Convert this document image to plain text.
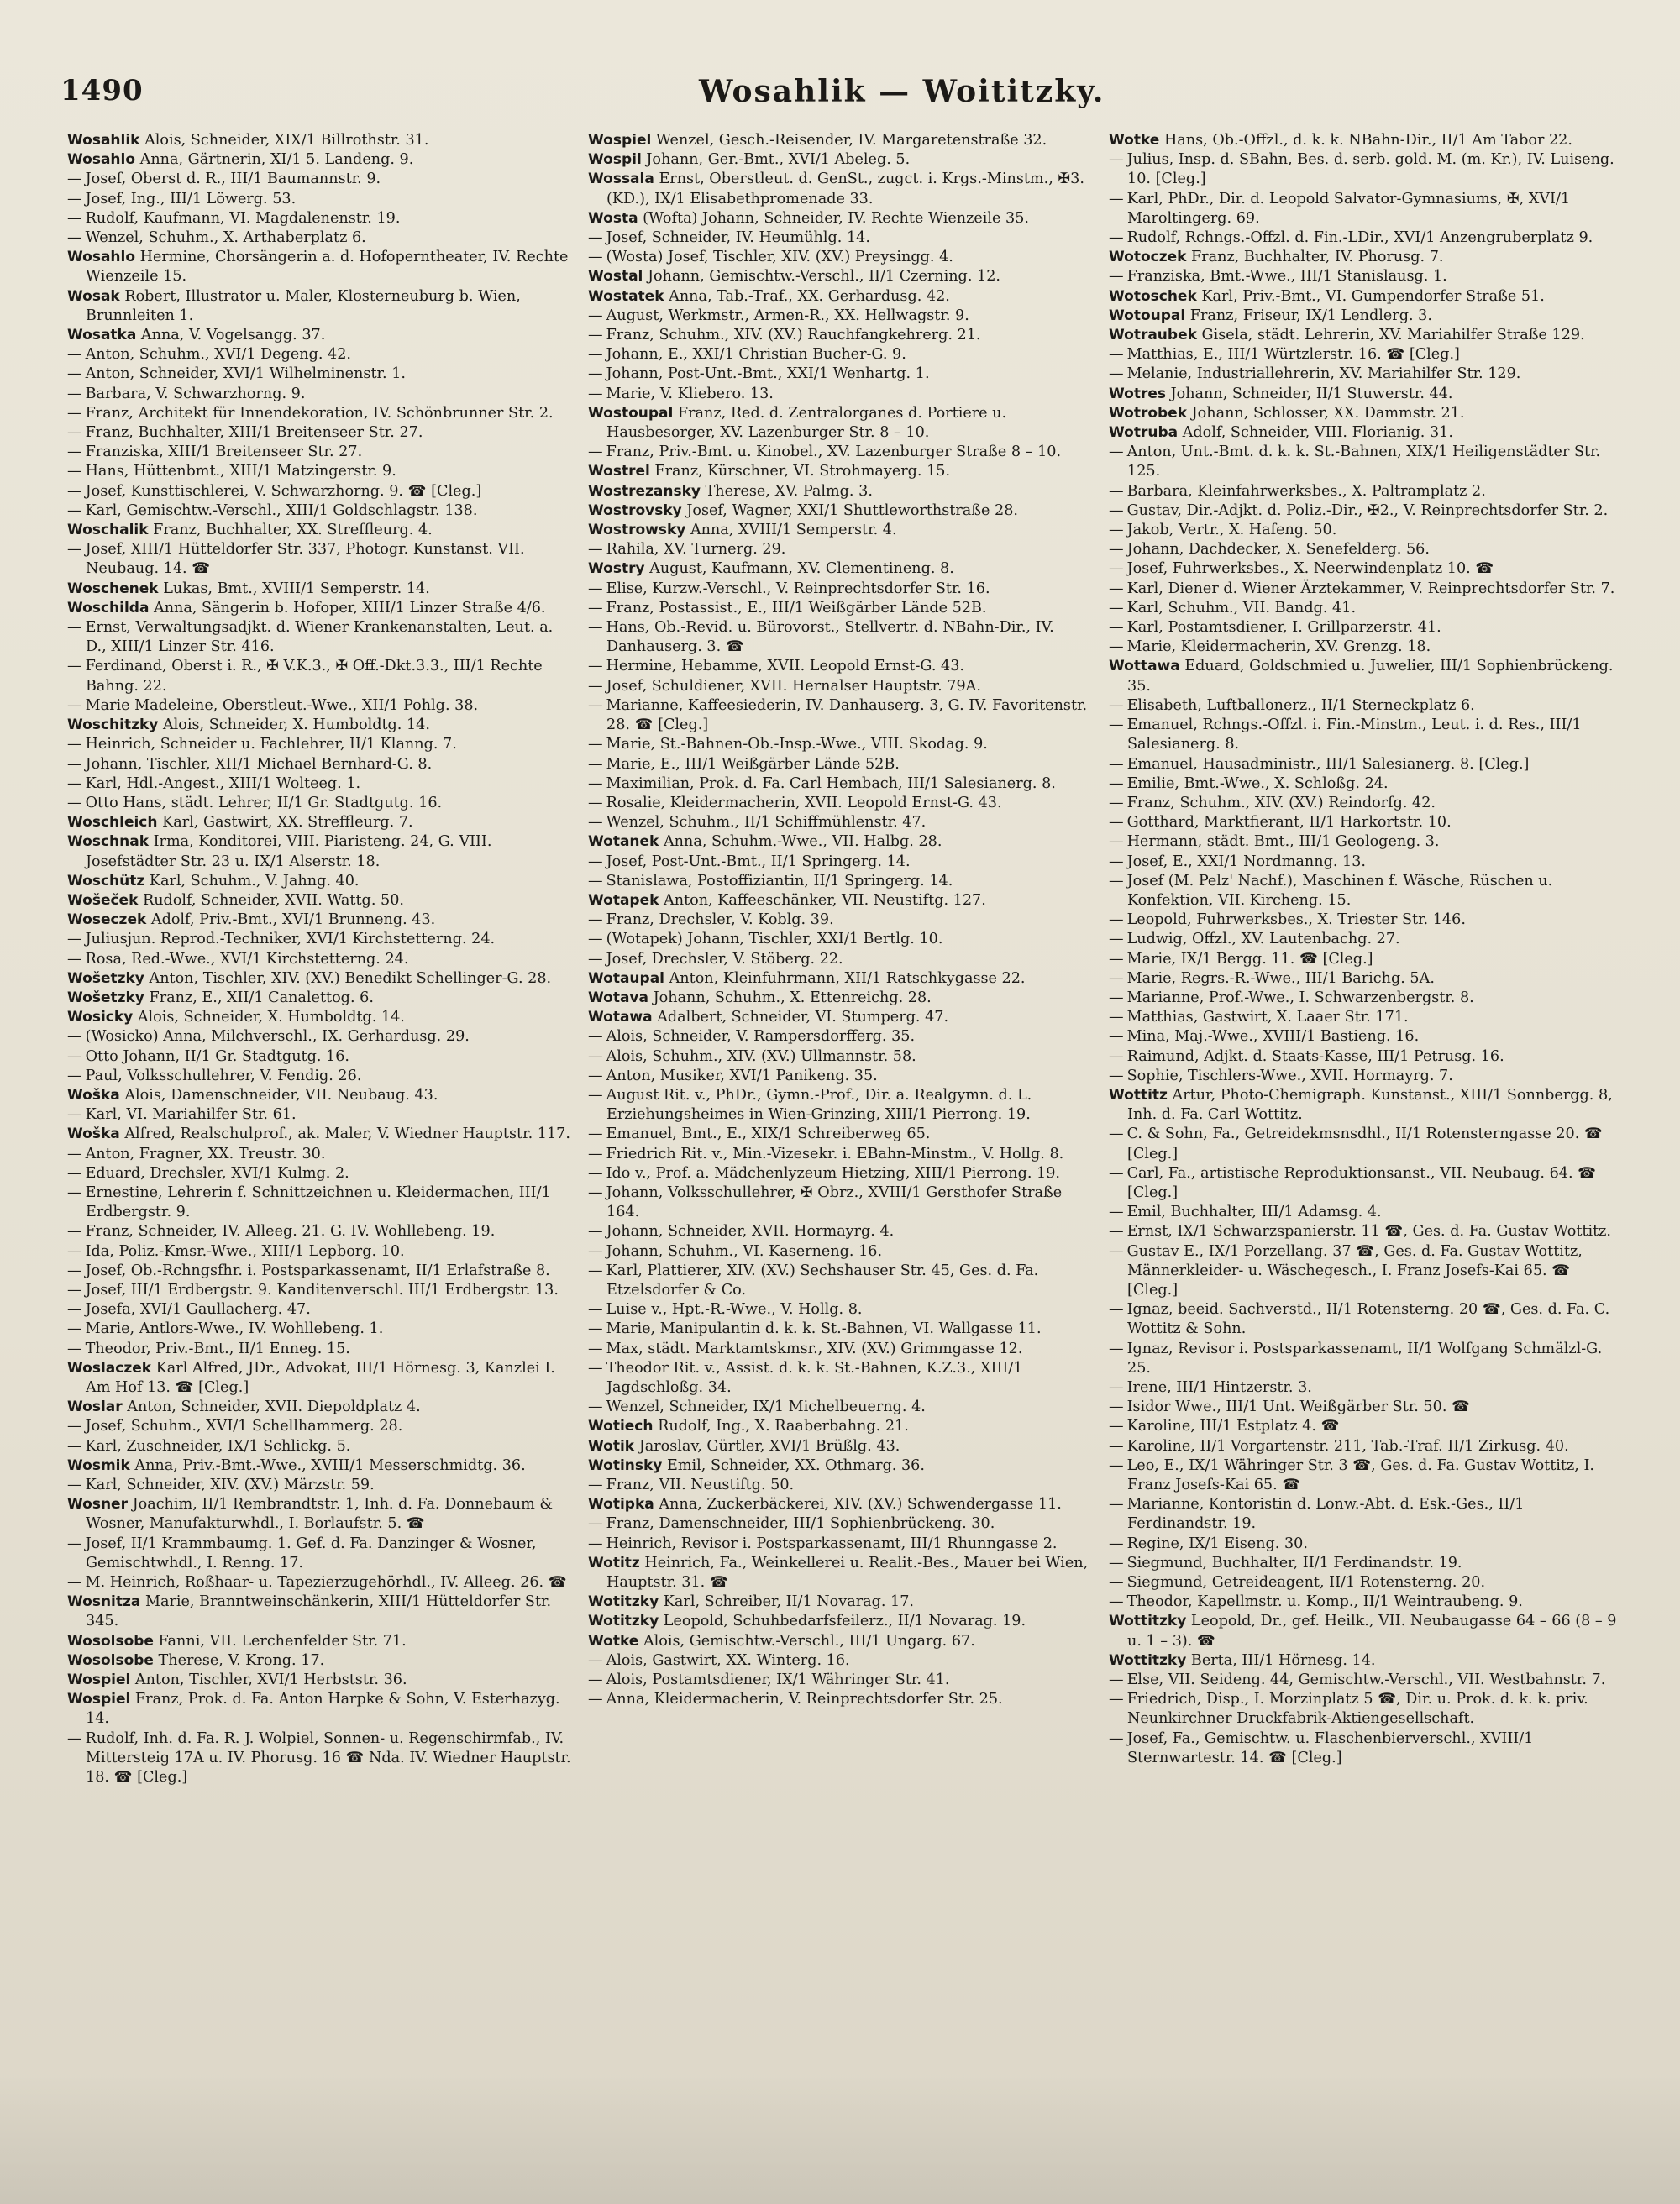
1490	Wosahlik — Woititzky.

Wosahlik Alois, Schneider, XIX/1 Billrothstr. 31.

Wosahlo Anna, Gärtnerin, XI/1 5. Landeng. 9.

— Josef, Oberst d. R., III/1 Baumannstr. 9.

— Josef, Ing., III/1 Löwerg. 53.

— Rudolf, Kaufmann, VI. Magdalenenstr. 19.

— Wenzel, Schuhm., X. Arthaberplatz 6.

Wosahlo Hermine, Chorsängerin a. d. Hofoperntheater, IV. Rechte Wienzeile 15.

Wosak Robert, Illustrator u. Maler, Klosterneuburg b. Wien, Brunnleiten 1.

Wosatka Anna, V. Vogelsangg. 37.

— Anton, Schuhm., XVI/1 Degeng. 42.

— Anton, Schneider, XVI/1 Wilhelminenstr. 1.

— Barbara, V. Schwarzhorng. 9.

— Franz, Architekt für Innendekoration, IV. Schönbrunner Str. 2.

— Franz, Buchhalter, XIII/1 Breitenseer Str. 27.

— Franziska, XIII/1 Breitenseer Str. 27.

— Hans, Hüttenbmt., XIII/1 Matzingerstr. 9.

— Josef, Kunsttischlerei, V. Schwarzhorng. 9. ☎ [Cleg.]

— Karl, Gemischtw.-Verschl., XIII/1 Goldschlagstr. 138.

Woschalik Franz, Buchhalter, XX. Streffleurg. 4.

— Josef, XIII/1 Hütteldorfer Str. 337, Photogr. Kunstanst. VII. Neubaug. 14. ☎

Woschenek Lukas, Bmt., XVIII/1 Semperstr. 14.

Woschilda Anna, Sängerin b. Hofoper, XIII/1 Linzer Straße 4/6.

— Ernst, Verwaltungsadjkt. d. Wiener Krankenanstalten, Leut. a. D., XIII/1 Linzer Str. 416.

— Ferdinand, Oberst i. R., ✠ V.K.3., ✠ Off.-Dkt.3.3., III/1 Rechte Bahng. 22.

— Marie Madeleine, Oberstleut.-Wwe., XII/1 Pohlg. 38.

Woschitzky Alois, Schneider, X. Humboldtg. 14.

— Heinrich, Schneider u. Fachlehrer, II/1 Klanng. 7.

— Johann, Tischler, XII/1 Michael Bernhard-G. 8.

— Karl, Hdl.-Angest., XIII/1 Wolteeg. 1.

— Otto Hans, städt. Lehrer, II/1 Gr. Stadtgutg. 16.

Woschleich Karl, Gastwirt, XX. Streffleurg. 7.

Woschnak Irma, Konditorei, VIII. Piaristeng. 24, G. VIII. Josefstädter Str. 23 u. IX/1 Alserstr. 18.

Woschütz Karl, Schuhm., V. Jahng. 40.

Wošeček Rudolf, Schneider, XVII. Wattg. 50.

Woseczek Adolf, Priv.-Bmt., XVI/1 Brunneng. 43.

— Juliusjun. Reprod.-Techniker, XVI/1 Kirchstetterng. 24.

— Rosa, Red.-Wwe., XVI/1 Kirchstetterng. 24.

Wošetzky Anton, Tischler, XIV. (XV.) Benedikt Schellinger-G. 28.

Wošetzky Franz, E., XII/1 Canalettog. 6.

Wosicky Alois, Schneider, X. Humboldtg. 14.

— (Wosicko) Anna, Milchverschl., IX. Gerhardusg. 29.

— Otto Johann, II/1 Gr. Stadtgutg. 16.

— Paul, Volksschullehrer, V. Fendig. 26.

Woška Alois, Damenschneider, VII. Neubaug. 43.

— Karl, VI. Mariahilfer Str. 61.

Woška Alfred, Realschulprof., ak. Maler, V. Wiedner Hauptstr. 117.

— Anton, Fragner, XX. Treustr. 30.

— Eduard, Drechsler, XVI/1 Kulmg. 2.

— Ernestine, Lehrerin f. Schnittzeichnen u. Kleidermachen, III/1 Erdbergstr. 9.

— Franz, Schneider, IV. Alleeg. 21. G. IV. Wohllebeng. 19.

— Ida, Poliz.-Kmsr.-Wwe., XIII/1 Lepborg. 10.

— Josef, Ob.-Rchngsfhr. i. Postsparkassenamt, II/1 Erlafstraße 8.

— Josef, III/1 Erdbergstr. 9. Kanditenverschl. III/1 Erdbergstr. 13.

— Josefa, XVI/1 Gaullacherg. 47.

— Marie, Antlors-Wwe., IV. Wohllebeng. 1.

— Theodor, Priv.-Bmt., II/1 Enneg. 15.

Woslaczek Karl Alfred, JDr., Advokat, III/1 Hörnesg. 3, Kanzlei I. Am Hof 13. ☎ [Cleg.]

Woslar Anton, Schneider, XVII. Diepoldplatz 4.

— Josef, Schuhm., XVI/1 Schellhammerg. 28.

— Karl, Zuschneider, IX/1 Schlickg. 5.

Wosmik Anna, Priv.-Bmt.-Wwe., XVIII/1 Messerschmidtg. 36.

— Karl, Schneider, XIV. (XV.) Märzstr. 59.

Wosner Joachim, II/1 Rembrandtstr. 1, Inh. d. Fa. Donnebaum & Wosner, Manufakturwhdl., I. Borlaufstr. 5. ☎

— Josef, II/1 Krammbaumg. 1. Gef. d. Fa. Danzinger & Wosner, Gemischtwhdl., I. Renng. 17.

— M. Heinrich, Roßhaar- u. Tapezierzugehörhdl., IV. Alleeg. 26. ☎

Wosnitza Marie, Branntweinschänkerin, XIII/1 Hütteldorfer Str. 345.

Wosolsobe Fanni, VII. Lerchenfelder Str. 71.

Wosolsobe Therese, V. Krong. 17.

Wospiel Anton, Tischler, XVI/1 Herbststr. 36.

Wospiel Franz, Prok. d. Fa. Anton Harpke & Sohn, V. Esterhazyg. 14.

— Rudolf, Inh. d. Fa. R. J. Wolpiel, Sonnen- u. Regenschirmfab., IV. Mittersteig 17A u. IV. Phorusg. 16 ☎ Nda. IV. Wiedner Hauptstr. 18. ☎ [Cleg.]

Wospiel Wenzel, Gesch.-Reisender, IV. Margaretenstraße 32.

Wospil Johann, Ger.-Bmt., XVI/1 Abeleg. 5.

Wossala Ernst, Oberstleut. d. GenSt., zugct. i. Krgs.-Minstm., ✠3. (KD.), IX/1 Elisabethpromenade 33.

Wosta (Wofta) Johann, Schneider, IV. Rechte Wienzeile 35.

— Josef, Schneider, IV. Heumühlg. 14.

— (Wosta) Josef, Tischler, XIV. (XV.) Preysingg. 4.

Wostal Johann, Gemischtw.-Verschl., II/1 Czerning. 12.

Wostatek Anna, Tab.-Traf., XX. Gerhardusg. 42.

— August, Werkmstr., Armen-R., XX. Hellwagstr. 9.

— Franz, Schuhm., XIV. (XV.) Rauchfangkehrerg. 21.

— Johann, E., XXI/1 Christian Bucher-G. 9.

— Johann, Post-Unt.-Bmt., XXI/1 Wenhartg. 1.

— Marie, V. Kliebero. 13.

Wostoupal Franz, Red. d. Zentralorganes d. Portiere u. Hausbesorger, XV. Lazenburger Str. 8 – 10.

— Franz, Priv.-Bmt. u. Kinobel., XV. Lazenburger Straße 8 – 10.

Wostrel Franz, Kürschner, VI. Strohmayerg. 15.

Wostrezansky Therese, XV. Palmg. 3.

Wostrovsky Josef, Wagner, XXI/1 Shuttleworthstraße 28.

Wostrowsky Anna, XVIII/1 Semperstr. 4.

— Rahila, XV. Turnerg. 29.

Wostry August, Kaufmann, XV. Clementineng. 8.

— Elise, Kurzw.-Verschl., V. Reinprechtsdorfer Str. 16.

— Franz, Postassist., E., III/1 Weißgärber Lände 52B.

— Hans, Ob.-Revid. u. Bürovorst., Stellvertr. d. NBahn-Dir., IV. Danhauserg. 3. ☎

— Hermine, Hebamme, XVII. Leopold Ernst-G. 43.

— Josef, Schuldiener, XVII. Hernalser Hauptstr. 79A.

— Marianne, Kaffeesiederin, IV. Danhauserg. 3, G. IV. Favoritenstr. 28. ☎ [Cleg.]

— Marie, St.-Bahnen-Ob.-Insp.-Wwe., VIII. Skodag. 9.

— Marie, E., III/1 Weißgärber Lände 52B.

— Maximilian, Prok. d. Fa. Carl Hembach, III/1 Salesianerg. 8.

— Rosalie, Kleidermacherin, XVII. Leopold Ernst-G. 43.

— Wenzel, Schuhm., II/1 Schiffmühlenstr. 47.

Wotanek Anna, Schuhm.-Wwe., VII. Halbg. 28.

— Josef, Post-Unt.-Bmt., II/1 Springerg. 14.

— Stanislawa, Postoffiziantin, II/1 Springerg. 14.

Wotapek Anton, Kaffeeschänker, VII. Neustiftg. 127.

— Franz, Drechsler, V. Koblg. 39.

— (Wotapek) Johann, Tischler, XXI/1 Bertlg. 10.

— Josef, Drechsler, V. Stöberg. 22.

Wotaupal Anton, Kleinfuhrmann, XII/1 Ratschkygasse 22.

Wotava Johann, Schuhm., X. Ettenreichg. 28.

Wotawa Adalbert, Schneider, VI. Stumperg. 47.

— Alois, Schneider, V. Rampersdorfferg. 35.

— Alois, Schuhm., XIV. (XV.) Ullmannstr. 58.

— Anton, Musiker, XVI/1 Panikeng. 35.

— August Rit. v., PhDr., Gymn.-Prof., Dir. a. Realgymn. d. L. Erziehungsheimes in Wien-Grinzing, XIII/1 Pierrong. 19.

— Emanuel, Bmt., E., XIX/1 Schreiberweg 65.

— Friedrich Rit. v., Min.-Vizesekr. i. EBahn-Minstm., V. Hollg. 8.

— Ido v., Prof. a. Mädchenlyzeum Hietzing, XIII/1 Pierrong. 19.

— Johann, Volksschullehrer, ✠ Obrz., XVIII/1 Gersthofer Straße 164.

— Johann, Schneider, XVII. Hormayrg. 4.

— Johann, Schuhm., VI. Kaserneng. 16.

— Karl, Plattierer, XIV. (XV.) Sechshauser Str. 45, Ges. d. Fa. Etzelsdorfer & Co.

— Luise v., Hpt.-R.-Wwe., V. Hollg. 8.

— Marie, Manipulantin d. k. k. St.-Bahnen, VI. Wallgasse 11.

— Max, städt. Marktamtskmsr., XIV. (XV.) Grimmgasse 12.

— Theodor Rit. v., Assist. d. k. k. St.-Bahnen, K.Z.3., XIII/1 Jagdschloßg. 34.

— Wenzel, Schneider, IX/1 Michelbeuerng. 4.

Wotiech Rudolf, Ing., X. Raaberbahng. 21.

Wotik Jaroslav, Gürtler, XVI/1 Brüßlg. 43.

Wotinsky Emil, Schneider, XX. Othmarg. 36.

— Franz, VII. Neustiftg. 50.

Wotipka Anna, Zuckerbäckerei, XIV. (XV.) Schwendergasse 11.

— Franz, Damenschneider, III/1 Sophienbrückeng. 30.

— Heinrich, Revisor i. Postsparkassenamt, III/1 Rhunngasse 2.

Wotitz Heinrich, Fa., Weinkellerei u. Realit.-Bes., Mauer bei Wien, Hauptstr. 31. ☎

Wotitzky Karl, Schreiber, II/1 Novarag. 17.

Wotitzky Leopold, Schuhbedarfsfeilerz., II/1 Novarag. 19.

Wotke Alois, Gemischtw.-Verschl., III/1 Ungarg. 67.

— Alois, Gastwirt, XX. Winterg. 16.

— Alois, Postamtsdiener, IX/1 Währinger Str. 41.

— Anna, Kleidermacherin, V. Reinprechtsdorfer Str. 25.

Wotke Hans, Ob.-Offzl., d. k. k. NBahn-Dir., II/1 Am Tabor 22.

— Julius, Insp. d. SBahn, Bes. d. serb. gold. M. (m. Kr.), IV. Luiseng. 10. [Cleg.]

— Karl, PhDr., Dir. d. Leopold Salvator-Gymnasiums, ✠, XVI/1 Maroltingerg. 69.

— Rudolf, Rchngs.-Offzl. d. Fin.-LDir., XVI/1 Anzengruberplatz 9.

Wotoczek Franz, Buchhalter, IV. Phorusg. 7.

— Franziska, Bmt.-Wwe., III/1 Stanislausg. 1.

Wotoschek Karl, Priv.-Bmt., VI. Gumpendorfer Straße 51.

Wotoupal Franz, Friseur, IX/1 Lendlerg. 3.

Wotraubek Gisela, städt. Lehrerin, XV. Mariahilfer Straße 129.

— Matthias, E., III/1 Würtzlerstr. 16. ☎ [Cleg.]

— Melanie, Industriallehrerin, XV. Mariahilfer Str. 129.

Wotres Johann, Schneider, II/1 Stuwerstr. 44.

Wotrobek Johann, Schlosser, XX. Dammstr. 21.

Wotruba Adolf, Schneider, VIII. Florianig. 31.

— Anton, Unt.-Bmt. d. k. k. St.-Bahnen, XIX/1 Heiligenstädter Str. 125.

— Barbara, Kleinfahrwerksbes., X. Paltramplatz 2.

— Gustav, Dir.-Adjkt. d. Poliz.-Dir., ✠2., V. Reinprechtsdorfer Str. 2.

— Jakob, Vertr., X. Hafeng. 50.

— Johann, Dachdecker, X. Senefelderg. 56.

— Josef, Fuhrwerksbes., X. Neerwindenplatz 10. ☎

— Karl, Diener d. Wiener Ärztekammer, V. Reinprechtsdorfer Str. 7.

— Karl, Schuhm., VII. Bandg. 41.

— Karl, Postamtsdiener, I. Grillparzerstr. 41.

— Marie, Kleidermacherin, XV. Grenzg. 18.

Wottawa Eduard, Goldschmied u. Juwelier, III/1 Sophienbrückeng. 35.

— Elisabeth, Luftballonerz., II/1 Sterneckplatz 6.

— Emanuel, Rchngs.-Offzl. i. Fin.-Minstm., Leut. i. d. Res., III/1 Salesianerg. 8.

— Emanuel, Hausadministr., III/1 Salesianerg. 8. [Cleg.]

— Emilie, Bmt.-Wwe., X. Schloßg. 24.

— Franz, Schuhm., XIV. (XV.) Reindorfg. 42.

— Gotthard, Marktfierant, II/1 Harkortstr. 10.

— Hermann, städt. Bmt., III/1 Geologeng. 3.

— Josef, E., XXI/1 Nordmanng. 13.

— Josef (M. Pelz' Nachf.), Maschinen f. Wäsche, Rüschen u. Konfektion, VII. Kircheng. 15.

— Leopold, Fuhrwerksbes., X. Triester Str. 146.

— Ludwig, Offzl., XV. Lautenbachg. 27.

— Marie, IX/1 Bergg. 11. ☎ [Cleg.]

— Marie, Regrs.-R.-Wwe., III/1 Barichg. 5A.

— Marianne, Prof.-Wwe., I. Schwarzenbergstr. 8.

— Matthias, Gastwirt, X. Laaer Str. 171.

— Mina, Maj.-Wwe., XVIII/1 Bastieng. 16.

— Raimund, Adjkt. d. Staats-Kasse, III/1 Petrusg. 16.

— Sophie, Tischlers-Wwe., XVII. Hormayrg. 7.

Wottitz Artur, Photo-Chemigraph. Kunstanst., XIII/1 Sonnbergg. 8, Inh. d. Fa. Carl Wottitz.

— C. & Sohn, Fa., Getreidekmsnsdhl., II/1 Rotensterngasse 20. ☎ [Cleg.]

— Carl, Fa., artistische Reproduktionsanst., VII. Neubaug. 64. ☎ [Cleg.]

— Emil, Buchhalter, III/1 Adamsg. 4.

— Ernst, IX/1 Schwarzspanierstr. 11 ☎, Ges. d. Fa. Gustav Wottitz.

— Gustav E., IX/1 Porzellang. 37 ☎, Ges. d. Fa. Gustav Wottitz, Männerkleider- u. Wäschegesch., I. Franz Josefs-Kai 65. ☎ [Cleg.]

— Ignaz, beeid. Sachverstd., II/1 Rotensterng. 20 ☎, Ges. d. Fa. C. Wottitz & Sohn.

— Ignaz, Revisor i. Postsparkassenamt, II/1 Wolfgang Schmälzl-G. 25.

— Irene, III/1 Hintzerstr. 3.

— Isidor Wwe., III/1 Unt. Weißgärber Str. 50. ☎

— Karoline, III/1 Estplatz 4. ☎

— Karoline, II/1 Vorgartenstr. 211, Tab.-Traf. II/1 Zirkusg. 40.

— Leo, E., IX/1 Währinger Str. 3 ☎, Ges. d. Fa. Gustav Wottitz, I. Franz Josefs-Kai 65. ☎

— Marianne, Kontoristin d. Lonw.-Abt. d. Esk.-Ges., II/1 Ferdinandstr. 19.

— Regine, IX/1 Eiseng. 30.

— Siegmund, Buchhalter, II/1 Ferdinandstr. 19.

— Siegmund, Getreideagent, II/1 Rotensterng. 20.

— Theodor, Kapellmstr. u. Komp., II/1 Weintraubeng. 9.

Wottitzky Leopold, Dr., gef. Heilk., VII. Neubaugasse 64 – 66 (8 – 9 u. 1 – 3). ☎

Wottitzky Berta, III/1 Hörnesg. 14.

— Else, VII. Seideng. 44, Gemischtw.-Verschl., VII. Westbahnstr. 7.

— Friedrich, Disp., I. Morzinplatz 5 ☎, Dir. u. Prok. d. k. k. priv. Neunkirchner Druckfabrik-Aktiengesellschaft.

— Josef, Fa., Gemischtw. u. Flaschenbierverschl., XVIII/1 Sternwartestr. 14. ☎ [Cleg.]
